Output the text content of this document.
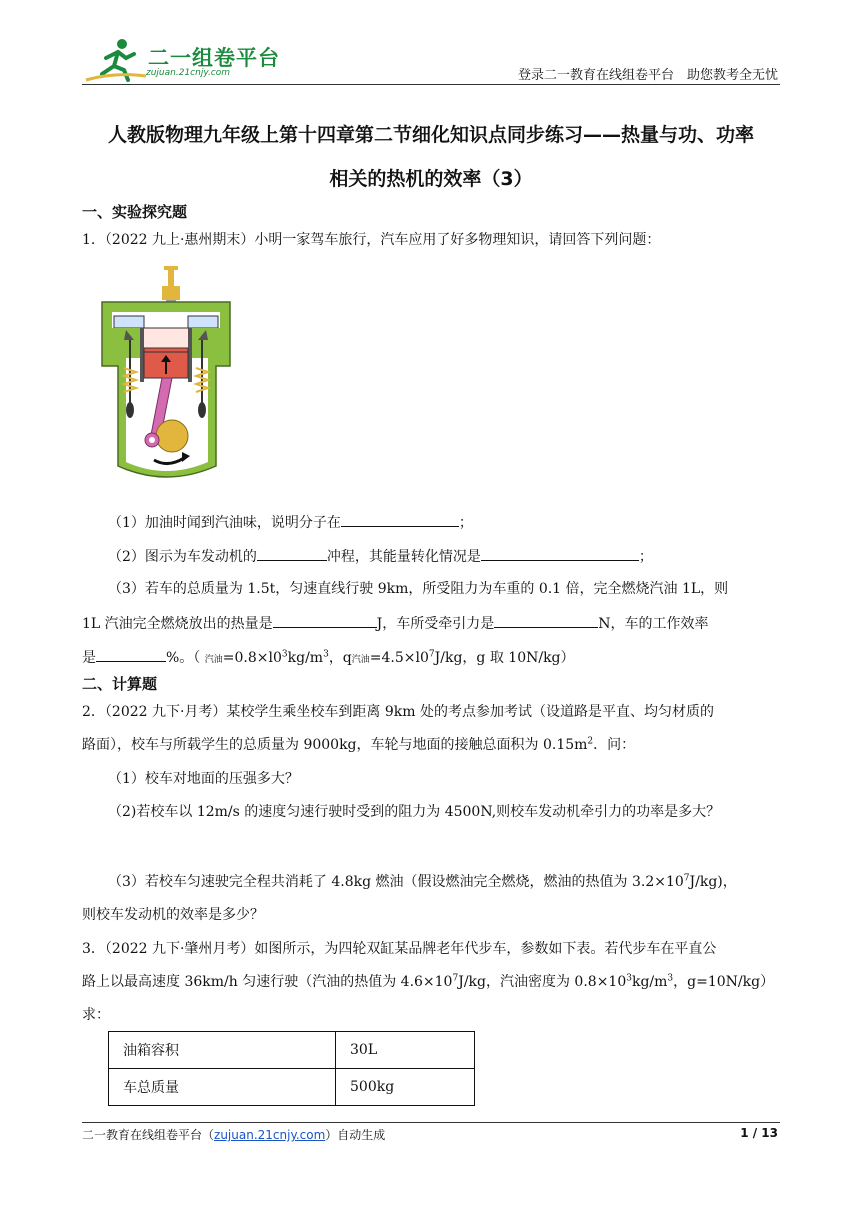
二一组卷平台
zujuan.21cnjy.com	登录二一教育在线组卷平台　助您教考全无忧
人教版物理九年级上第十四章第二节细化知识点同步练习——热量与功、功率
相关的热机的效率（3）
一、实验探究题
1．（2022 九上·惠州期末）小明一家驾车旅行，汽车应用了好多物理知识，请回答下列问题：
（1）加油时闻到汽油味，说明分子在	；
（2）图示为车发动机的	冲程，其能量转化情况是	；
（3）若车的总质量为 1.5t，匀速直线行驶 9km，所受阻力为车重的 0.1 倍，完全燃烧汽油 1L，则
1L 汽油完全燃烧放出的热量是	J，车所受牵引力是	N，车的工作效率
是	%。（ 汽油$=0.8\times l0^3kg/m^3$，q汽油$=4.5\times l0^7J/kg$，g 取 10N/kg）
二、计算题
2．（2022 九下·月考）某校学生乘坐校车到距离 9km 处的考点参加考试（设道路是平直、均匀材质的
路面），校车与所载学生的总质量为 9000kg，车轮与地面的接触总面积为 $0.15m^2$．问：
（1）校车对地面的压强多大？
（2)若校车以 12m/s 的速度匀速行驶时受到的阻力为 4500N,则校车发动机牵引力的功率是多大？
（3）若校车匀速驶完全程共消耗了 4.8kg 燃油（假设燃油完全燃烧，燃油的热值为 $3.2\times 10^7J/kg$)，
则校车发动机的效率是多少？
3．（2022 九下·肇州月考）如图所示，为四轮双缸某品牌老年代步车，参数如下表。若代步车在平直公
路上以最高速度 36km/h 匀速行驶（汽油的热值为 $4.6\times 10^7J/kg$，汽油密度为 $0.8\times 10^3kg/m^3$，g=10N/kg）
求：
油箱容积	30L
车总质量	500kg
二一教育在线组卷平台（zujuan.21cnjy.com）自动生成	1 / 13
